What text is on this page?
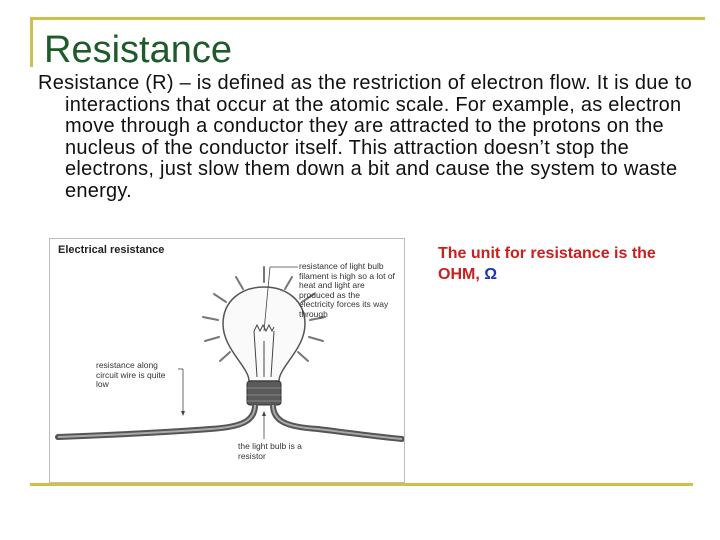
Resistance
Resistance (R) – is defined as the restriction of electron flow. It is due to interactions that occur at the atomic scale. For example, as electron move through a conductor they are attracted to the protons on the nucleus of the conductor itself. This attraction doesn’t stop the electrons, just slow them down a bit and cause the system to waste energy.
The unit for resistance is the OHM, Ω
Electrical resistance
resistance of light bulb filament is high so a lot of heat and light are produced as the electricity forces its way through
resistance along circuit wire is quite low
the light bulb is a resistor
